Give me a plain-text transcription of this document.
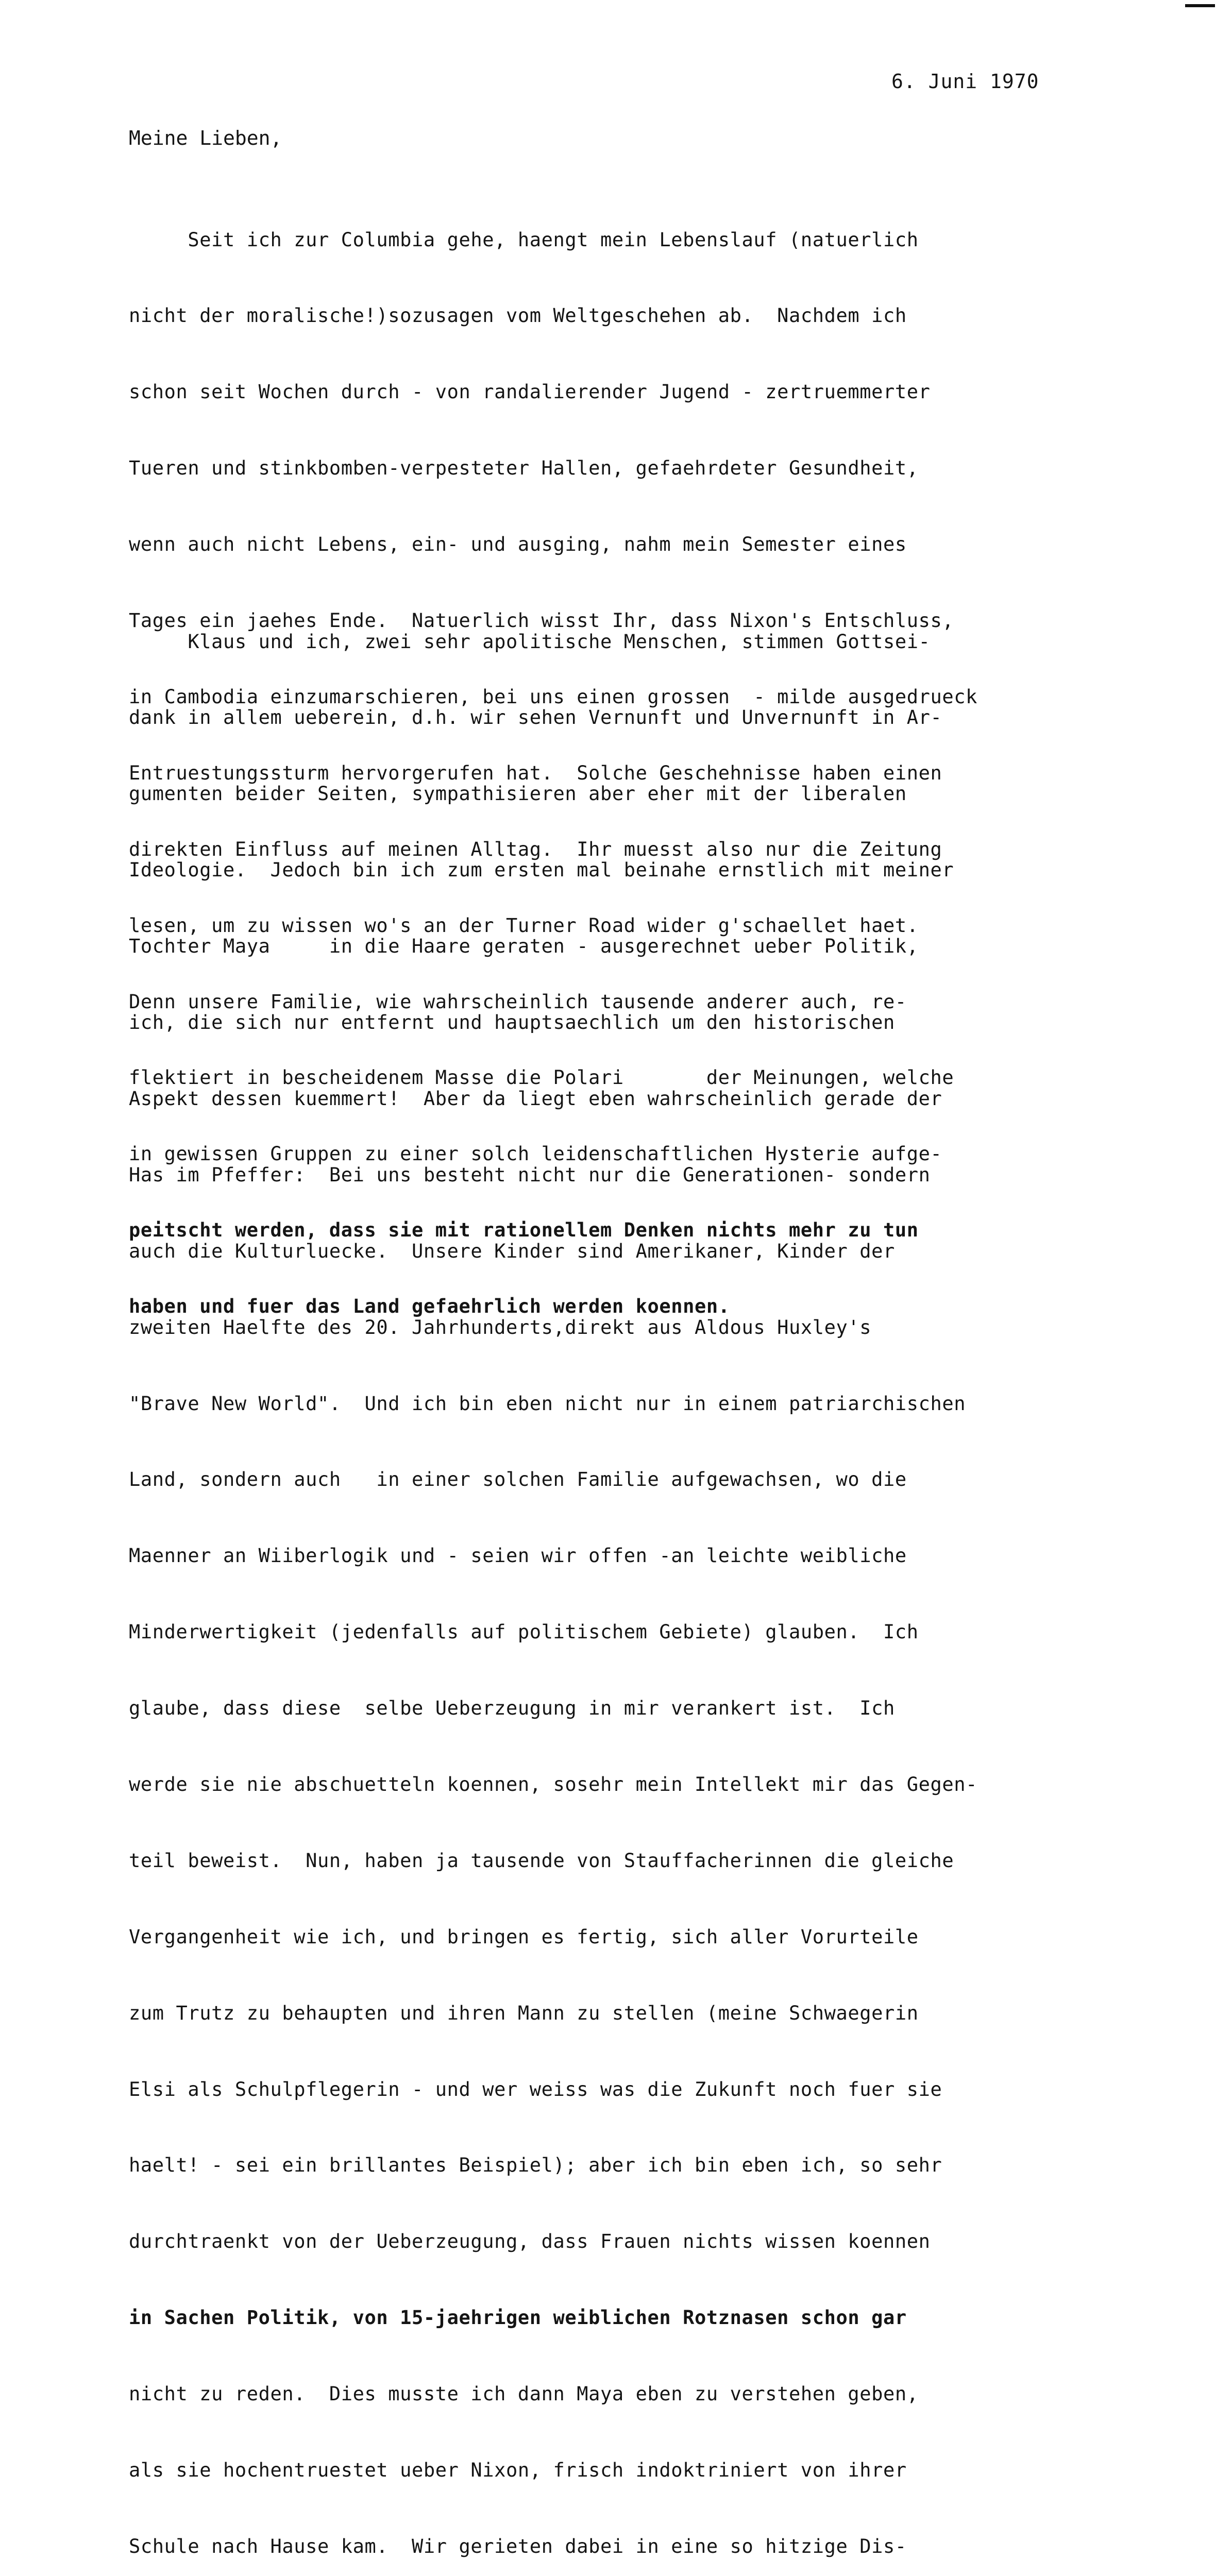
6. Juni 1970
Meine Lieben,

Seit ich zur Columbia gehe, haengt mein Lebenslauf (natuerlich

nicht der moralische!)sozusagen vom Weltgeschehen ab.  Nachdem ich

schon seit Wochen durch - von randalierender Jugend - zertruemmerter

Tueren und stinkbomben-verpesteter Hallen, gefaehrdeter Gesundheit,

wenn auch nicht Lebens, ein- und ausging, nahm mein Semester eines

Tages ein jaehes Ende.  Natuerlich wisst Ihr, dass Nixon's Entschluss,

in Cambodia einzumarschieren, bei uns einen grossen  - milde ausgedrueck

Entruestungssturm hervorgerufen hat.  Solche Geschehnisse haben einen

direkten Einfluss auf meinen Alltag.  Ihr muesst also nur die Zeitung

lesen, um zu wissen wo's an der Turner Road wider g'schaellet haet.

Denn unsere Familie, wie wahrscheinlich tausende anderer auch, re-

flektiert in bescheidenem Masse die Polari       der Meinungen, welche

in gewissen Gruppen zu einer solch leidenschaftlichen Hysterie aufge-

peitscht werden, dass sie mit rationellem Denken nichts mehr zu tun

haben und fuer das Land gefaehrlich werden koennen.

Klaus und ich, zwei sehr apolitische Menschen, stimmen Gottsei-

dank in allem ueberein, d.h. wir sehen Vernunft und Unvernunft in Ar-

gumenten beider Seiten, sympathisieren aber eher mit der liberalen

Ideologie.  Jedoch bin ich zum ersten mal beinahe ernstlich mit meiner

Tochter Maya     in die Haare geraten - ausgerechnet ueber Politik,

ich, die sich nur entfernt und hauptsaechlich um den historischen

Aspekt dessen kuemmert!  Aber da liegt eben wahrscheinlich gerade der

Has im Pfeffer:  Bei uns besteht nicht nur die Generationen- sondern

auch die Kulturluecke.  Unsere Kinder sind Amerikaner, Kinder der

zweiten Haelfte des 20. Jahrhunderts,direkt aus Aldous Huxley's

"Brave New World".  Und ich bin eben nicht nur in einem patriarchischen

Land, sondern auch   in einer solchen Familie aufgewachsen, wo die

Maenner an Wiiberlogik und - seien wir offen -an leichte weibliche

Minderwertigkeit (jedenfalls auf politischem Gebiete) glauben.  Ich

glaube, dass diese  selbe Ueberzeugung in mir verankert ist.  Ich

werde sie nie abschuetteln koennen, sosehr mein Intellekt mir das Gegen-

teil beweist.  Nun, haben ja tausende von Stauffacherinnen die gleiche

Vergangenheit wie ich, und bringen es fertig, sich aller Vorurteile

zum Trutz zu behaupten und ihren Mann zu stellen (meine Schwaegerin

Elsi als Schulpflegerin - und wer weiss was die Zukunft noch fuer sie

haelt! - sei ein brillantes Beispiel); aber ich bin eben ich, so sehr

durchtraenkt von der Ueberzeugung, dass Frauen nichts wissen koennen

in Sachen Politik, von 15-jaehrigen weiblichen Rotznasen schon gar

nicht zu reden.  Dies musste ich dann Maya eben zu verstehen geben,

als sie hochentruestet ueber Nixon, frisch indoktriniert von ihrer

Schule nach Hause kam.  Wir gerieten dabei in eine so hitzige Dis-
